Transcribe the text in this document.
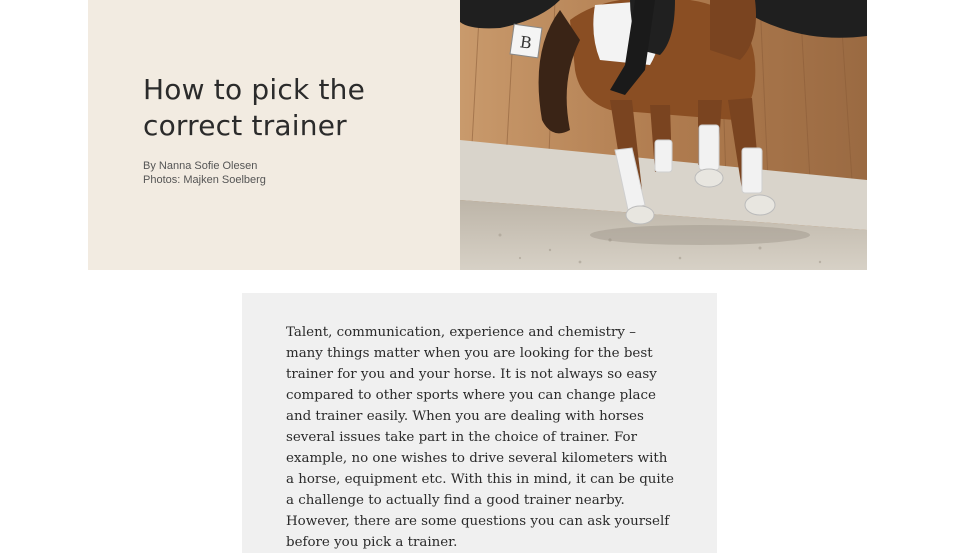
How to pick the correct trainer
By Nanna Sofie Olesen
Photos: Majken Soelberg
B

Talent, communication, experience and chemistry – many things matter when you are looking for the best trainer for you and your horse. It is not always so easy compared to other sports where you can change place and trainer easily. When you are dealing with horses several issues take part in the choice of trainer. For example, no one wishes to drive several kilometers with a horse, equipment etc. With this in mind, it can be quite a challenge to actually find a good trainer nearby. However, there are some questions you can ask yourself before you pick a trainer.
